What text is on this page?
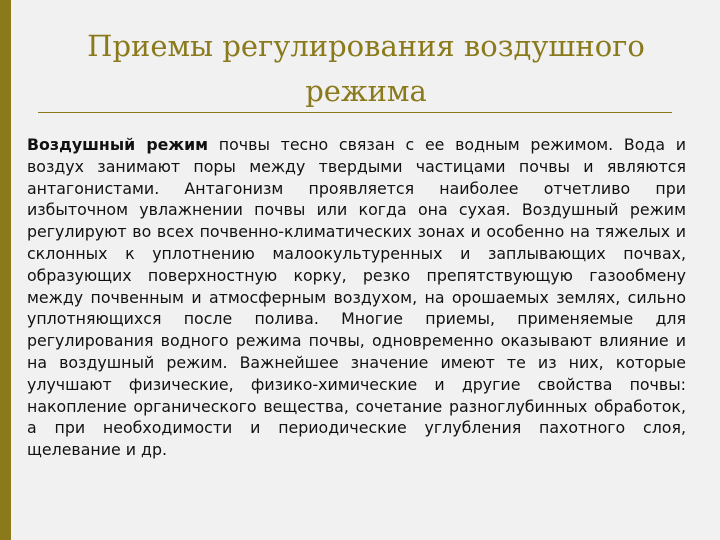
Приемы регулирования воздушного режима

Воздушный режим почвы тесно связан с ее водным режимом. Вода и воздух занимают поры между твердыми частицами почвы и являются антагонистами. Антагонизм проявляется наиболее отчетливо при избыточном увлажнении почвы или когда она сухая. Воздушный режим регулируют во всех почвенно-климатических зонах и особенно на тяжелых и склонных к уплотнению малоокультуренных и заплывающих почвах, образующих поверхностную корку, резко препятствующую газообмену между почвенным и атмосферным воздухом, на орошаемых землях, сильно уплотняющихся после полива. Многие приемы, применяемые для регулирования водного режима почвы, одновременно оказывают влияние и на воздушный режим. Важнейшее значение имеют те из них, которые улучшают физические, физико-химические и другие свойства почвы: накопление органического вещества, сочетание разноглубинных обработок, а при необходимости и периодические углубления пахотного слоя, щелевание и др.
